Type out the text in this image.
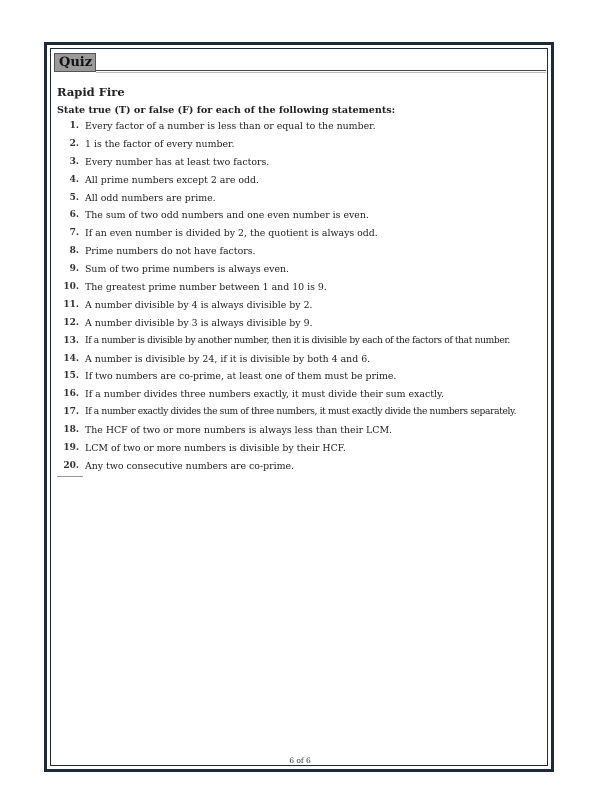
Quiz
Rapid Fire
State true (T) or false (F) for each of the following statements:
1. Every factor of a number is less than or equal to the number.
2. 1 is the factor of every number.
3. Every number has at least two factors.
4. All prime numbers except 2 are odd.
5. All odd numbers are prime.
6. The sum of two odd numbers and one even number is even.
7. If an even number is divided by 2, the quotient is always odd.
8. Prime numbers do not have factors.
9. Sum of two prime numbers is always even.
10. The greatest prime number between 1 and 10 is 9.
11. A number divisible by 4 is always divisible by 2.
12. A number divisible by 3 is always divisible by 9.
13. If a number is divisible by another number, then it is divisible by each of the factors of that number.
14. A number is divisible by 24, if it is divisible by both 4 and 6.
15. If two numbers are co-prime, at least one of them must be prime.
16. If a number divides three numbers exactly, it must divide their sum exactly.
17. If a number exactly divides the sum of three numbers, it must exactly divide the numbers separately.
18. The HCF of two or more numbers is always less than their LCM.
19. LCM of two or more numbers is divisible by their HCF.
20. Any two consecutive numbers are co-prime.
6 of 6
